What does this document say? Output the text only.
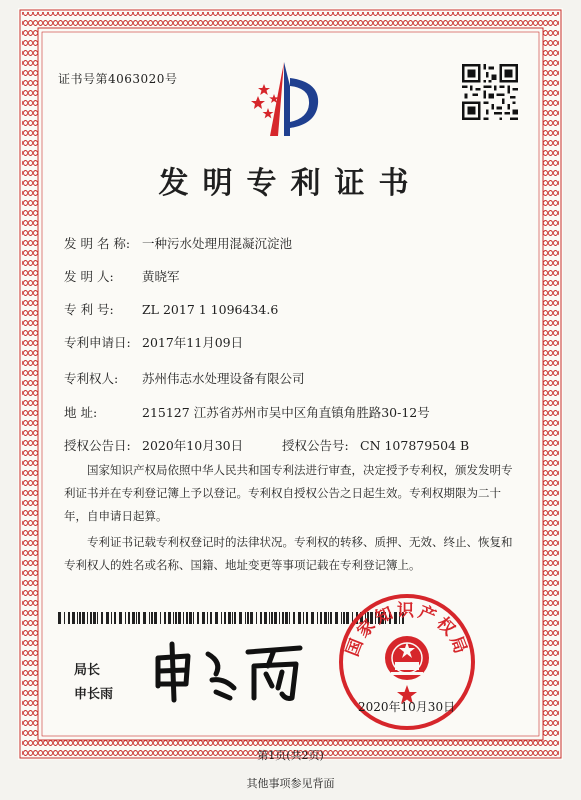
证书号第4063020号
发明专利证书
发 明 名 称: 一种污水处理用混凝沉淀池
发 明 人: 黄晓军
专 利 号: ZL 2017 1 1096434.6
专利申请日: 2017年11月09日
专利权人: 苏州伟志水处理设备有限公司
地 址:	215127 江苏省苏州市吴中区角直镇角胜路30-12号
授权公告日: 2020年10月30日	授权公告号: CN 107879504 B
国家知识产权局依照中华人民共和国专利法进行审查，决定授予专利权，颁发发明专利证书并在专利登记簿上予以登记。专利权自授权公告之日起生效。专利权期限为二十年，自申请日起算。
专利证书记载专利权登记时的法律状况。专利权的转移、质押、无效、终止、恢复和专利权人的姓名或名称、国籍、地址变更等事项记载在专利登记簿上。
局长
申长雨
国家知识产权局
2020年10月30日
第1页(共2页)
其他事项参见背面
